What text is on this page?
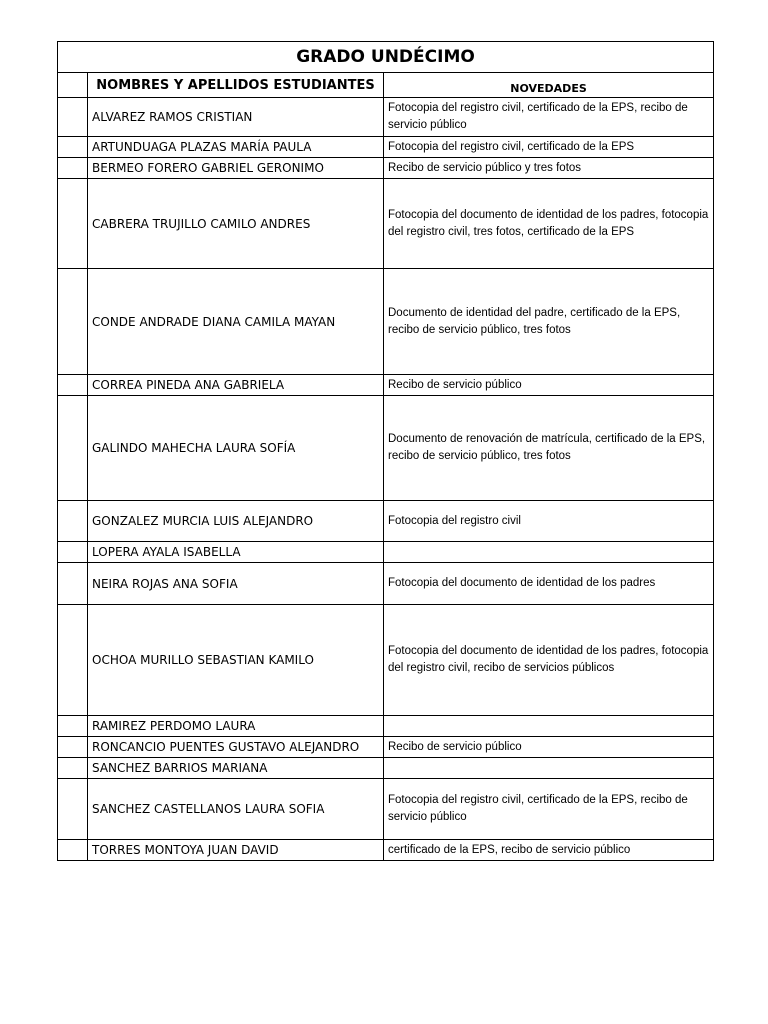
GRADO UNDÉCIMO		
	NOMBRES Y APELLIDOS ESTUDIANTES	NOVEDADES
	ALVAREZ RAMOS CRISTIAN	Fotocopia del registro civil, certificado de la EPS, recibo de servicio público
	ARTUNDUAGA PLAZAS MARÍA PAULA	Fotocopia del registro civil, certificado de la EPS
	BERMEO FORERO GABRIEL GERONIMO	Recibo de servicio público y tres fotos
	CABRERA TRUJILLO CAMILO ANDRES	Fotocopia del documento de identidad de los padres, fotocopia del registro civil, tres fotos, certificado de la EPS
	CONDE ANDRADE DIANA CAMILA MAYAN	Documento de identidad del padre, certificado de la EPS, recibo de servicio público, tres fotos
	CORREA PINEDA ANA GABRIELA	Recibo de servicio público
	GALINDO MAHECHA LAURA SOFÍA	Documento de renovación de matrícula, certificado de la EPS, recibo de servicio público, tres fotos
	GONZALEZ MURCIA LUIS ALEJANDRO	Fotocopia del registro civil
	LOPERA AYALA ISABELLA	
	NEIRA ROJAS ANA SOFIA	Fotocopia del documento de identidad de los padres
	OCHOA MURILLO SEBASTIAN KAMILO	Fotocopia del documento de identidad de los padres, fotocopia del registro civil, recibo de servicios públicos
	RAMIREZ PERDOMO LAURA	
	RONCANCIO PUENTES GUSTAVO ALEJANDRO	Recibo de servicio público
	SANCHEZ BARRIOS MARIANA	
	SANCHEZ CASTELLANOS LAURA SOFIA	Fotocopia del registro civil, certificado de la EPS, recibo de servicio público
	TORRES MONTOYA JUAN DAVID	certificado de la EPS, recibo de servicio público
